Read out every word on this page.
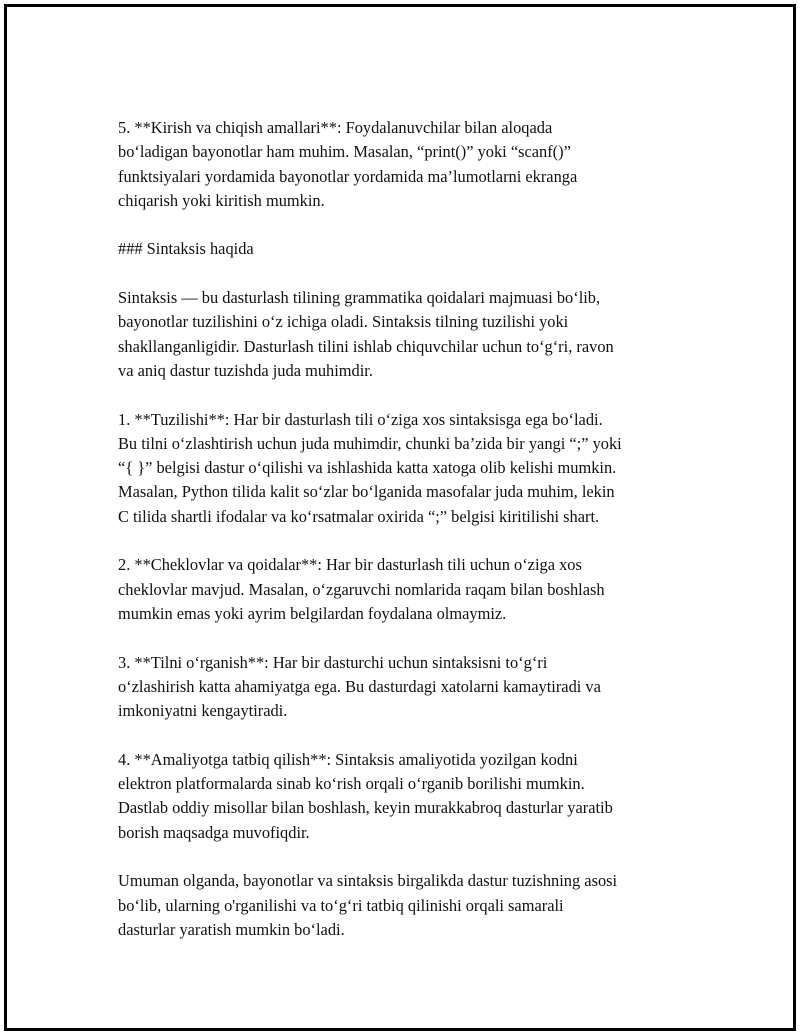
5. **Kirish va chiqish amallari**: Foydalanuvchilar bilan aloqada
bo‘ladigan bayonotlar ham muhim. Masalan, “print()” yoki “scanf()”
funktsiyalari yordamida bayonotlar yordamida ma’lumotlarni ekranga
chiqarish yoki kiritish mumkin.

### Sintaksis haqida

Sintaksis — bu dasturlash tilining grammatika qoidalari majmuasi bo‘lib,
bayonotlar tuzilishini o‘z ichiga oladi. Sintaksis tilning tuzilishi yoki
shakllanganligidir. Dasturlash tilini ishlab chiquvchilar uchun to‘g‘ri, ravon
va aniq dastur tuzishda juda muhimdir.

1. **Tuzilishi**: Har bir dasturlash tili o‘ziga xos sintaksisga ega bo‘ladi.
Bu tilni o‘zlashtirish uchun juda muhimdir, chunki ba’zida bir yangi “;” yoki
“{ }” belgisi dastur o‘qilishi va ishlashida katta xatoga olib kelishi mumkin.
Masalan, Python tilida kalit so‘zlar bo‘lganida masofalar juda muhim, lekin
C tilida shartli ifodalar va ko‘rsatmalar oxirida “;” belgisi kiritilishi shart.

2. **Cheklovlar va qoidalar**: Har bir dasturlash tili uchun o‘ziga xos
cheklovlar mavjud. Masalan, o‘zgaruvchi nomlarida raqam bilan boshlash
mumkin emas yoki ayrim belgilardan foydalana olmaymiz.

3. **Tilni o‘rganish**: Har bir dasturchi uchun sintaksisni to‘g‘ri
o‘zlashirish katta ahamiyatga ega. Bu dasturdagi xatolarni kamaytiradi va
imkoniyatni kengaytiradi.

4. **Amaliyotga tatbiq qilish**: Sintaksis amaliyotida yozilgan kodni
elektron platformalarda sinab ko‘rish orqali o‘rganib borilishi mumkin.
Dastlab oddiy misollar bilan boshlash, keyin murakkabroq dasturlar yaratib
borish maqsadga muvofiqdir.

Umuman olganda, bayonotlar va sintaksis birgalikda dastur tuzishning asosi
bo‘lib, ularning o'rganilishi va to‘g‘ri tatbiq qilinishi orqali samarali
dasturlar yaratish mumkin bo‘ladi.
